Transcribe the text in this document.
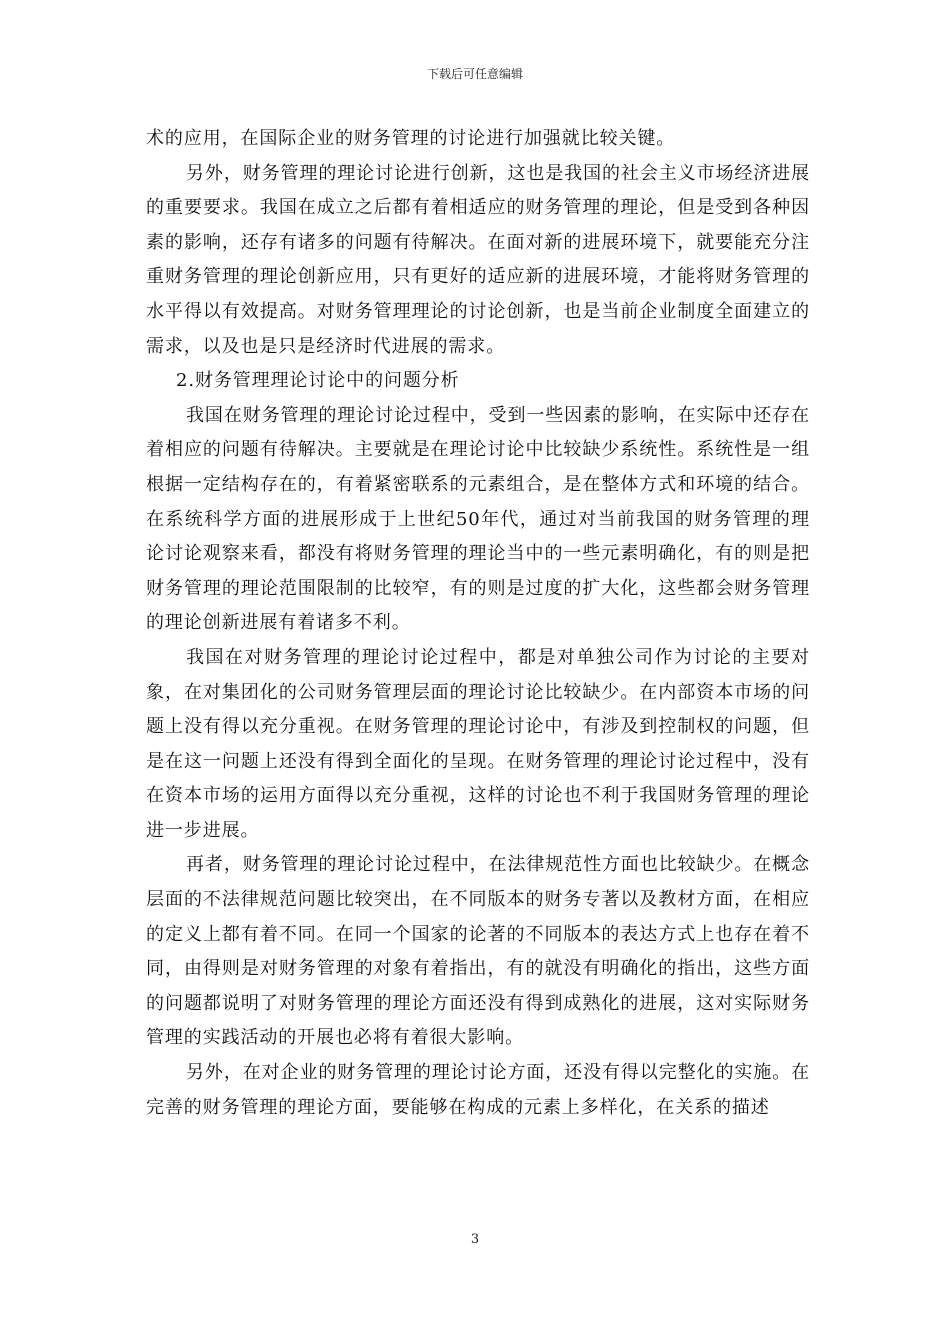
下载后可任意编辑

术的应用，在国际企业的财务管理的讨论进行加强就比较关键。

另外，财务管理的理论讨论进行创新，这也是我国的社会主义市场经济进展的重要要求。我国在成立之后都有着相适应的财务管理的理论，但是受到各种因素的影响，还存有诸多的问题有待解决。在面对新的进展环境下，就要能充分注重财务管理的理论创新应用，只有更好的适应新的进展环境，才能将财务管理的水平得以有效提高。对财务管理理论的讨论创新，也是当前企业制度全面建立的需求，以及也是只是经济时代进展的需求。

2.财务管理理论讨论中的问题分析

我国在财务管理的理论讨论过程中，受到一些因素的影响，在实际中还存在着相应的问题有待解决。主要就是在理论讨论中比较缺少系统性。系统性是一组根据一定结构存在的，有着紧密联系的元素组合，是在整体方式和环境的结合。在系统科学方面的进展形成于上世纪50年代，通过对当前我国的财务管理的理论讨论观察来看，都没有将财务管理的理论当中的一些元素明确化，有的则是把财务管理的理论范围限制的比较窄，有的则是过度的扩大化，这些都会财务管理的理论创新进展有着诸多不利。

我国在对财务管理的理论讨论过程中，都是对单独公司作为讨论的主要对象，在对集团化的公司财务管理层面的理论讨论比较缺少。在内部资本市场的问题上没有得以充分重视。在财务管理的理论讨论中，有涉及到控制权的问题，但是在这一问题上还没有得到全面化的呈现。在财务管理的理论讨论过程中，没有在资本市场的运用方面得以充分重视，这样的讨论也不利于我国财务管理的理论进一步进展。

再者，财务管理的理论讨论过程中，在法律规范性方面也比较缺少。在概念层面的不法律规范问题比较突出，在不同版本的财务专著以及教材方面，在相应的定义上都有着不同。在同一个国家的论著的不同版本的表达方式上也存在着不同，由得则是对财务管理的对象有着指出，有的就没有明确化的指出，这些方面的问题都说明了对财务管理的理论方面还没有得到成熟化的进展，这对实际财务管理的实践活动的开展也必将有着很大影响。

另外，在对企业的财务管理的理论讨论方面，还没有得以完整化的实施。在完善的财务管理的理论方面，要能够在构成的元素上多样化，在关系的描述

3
